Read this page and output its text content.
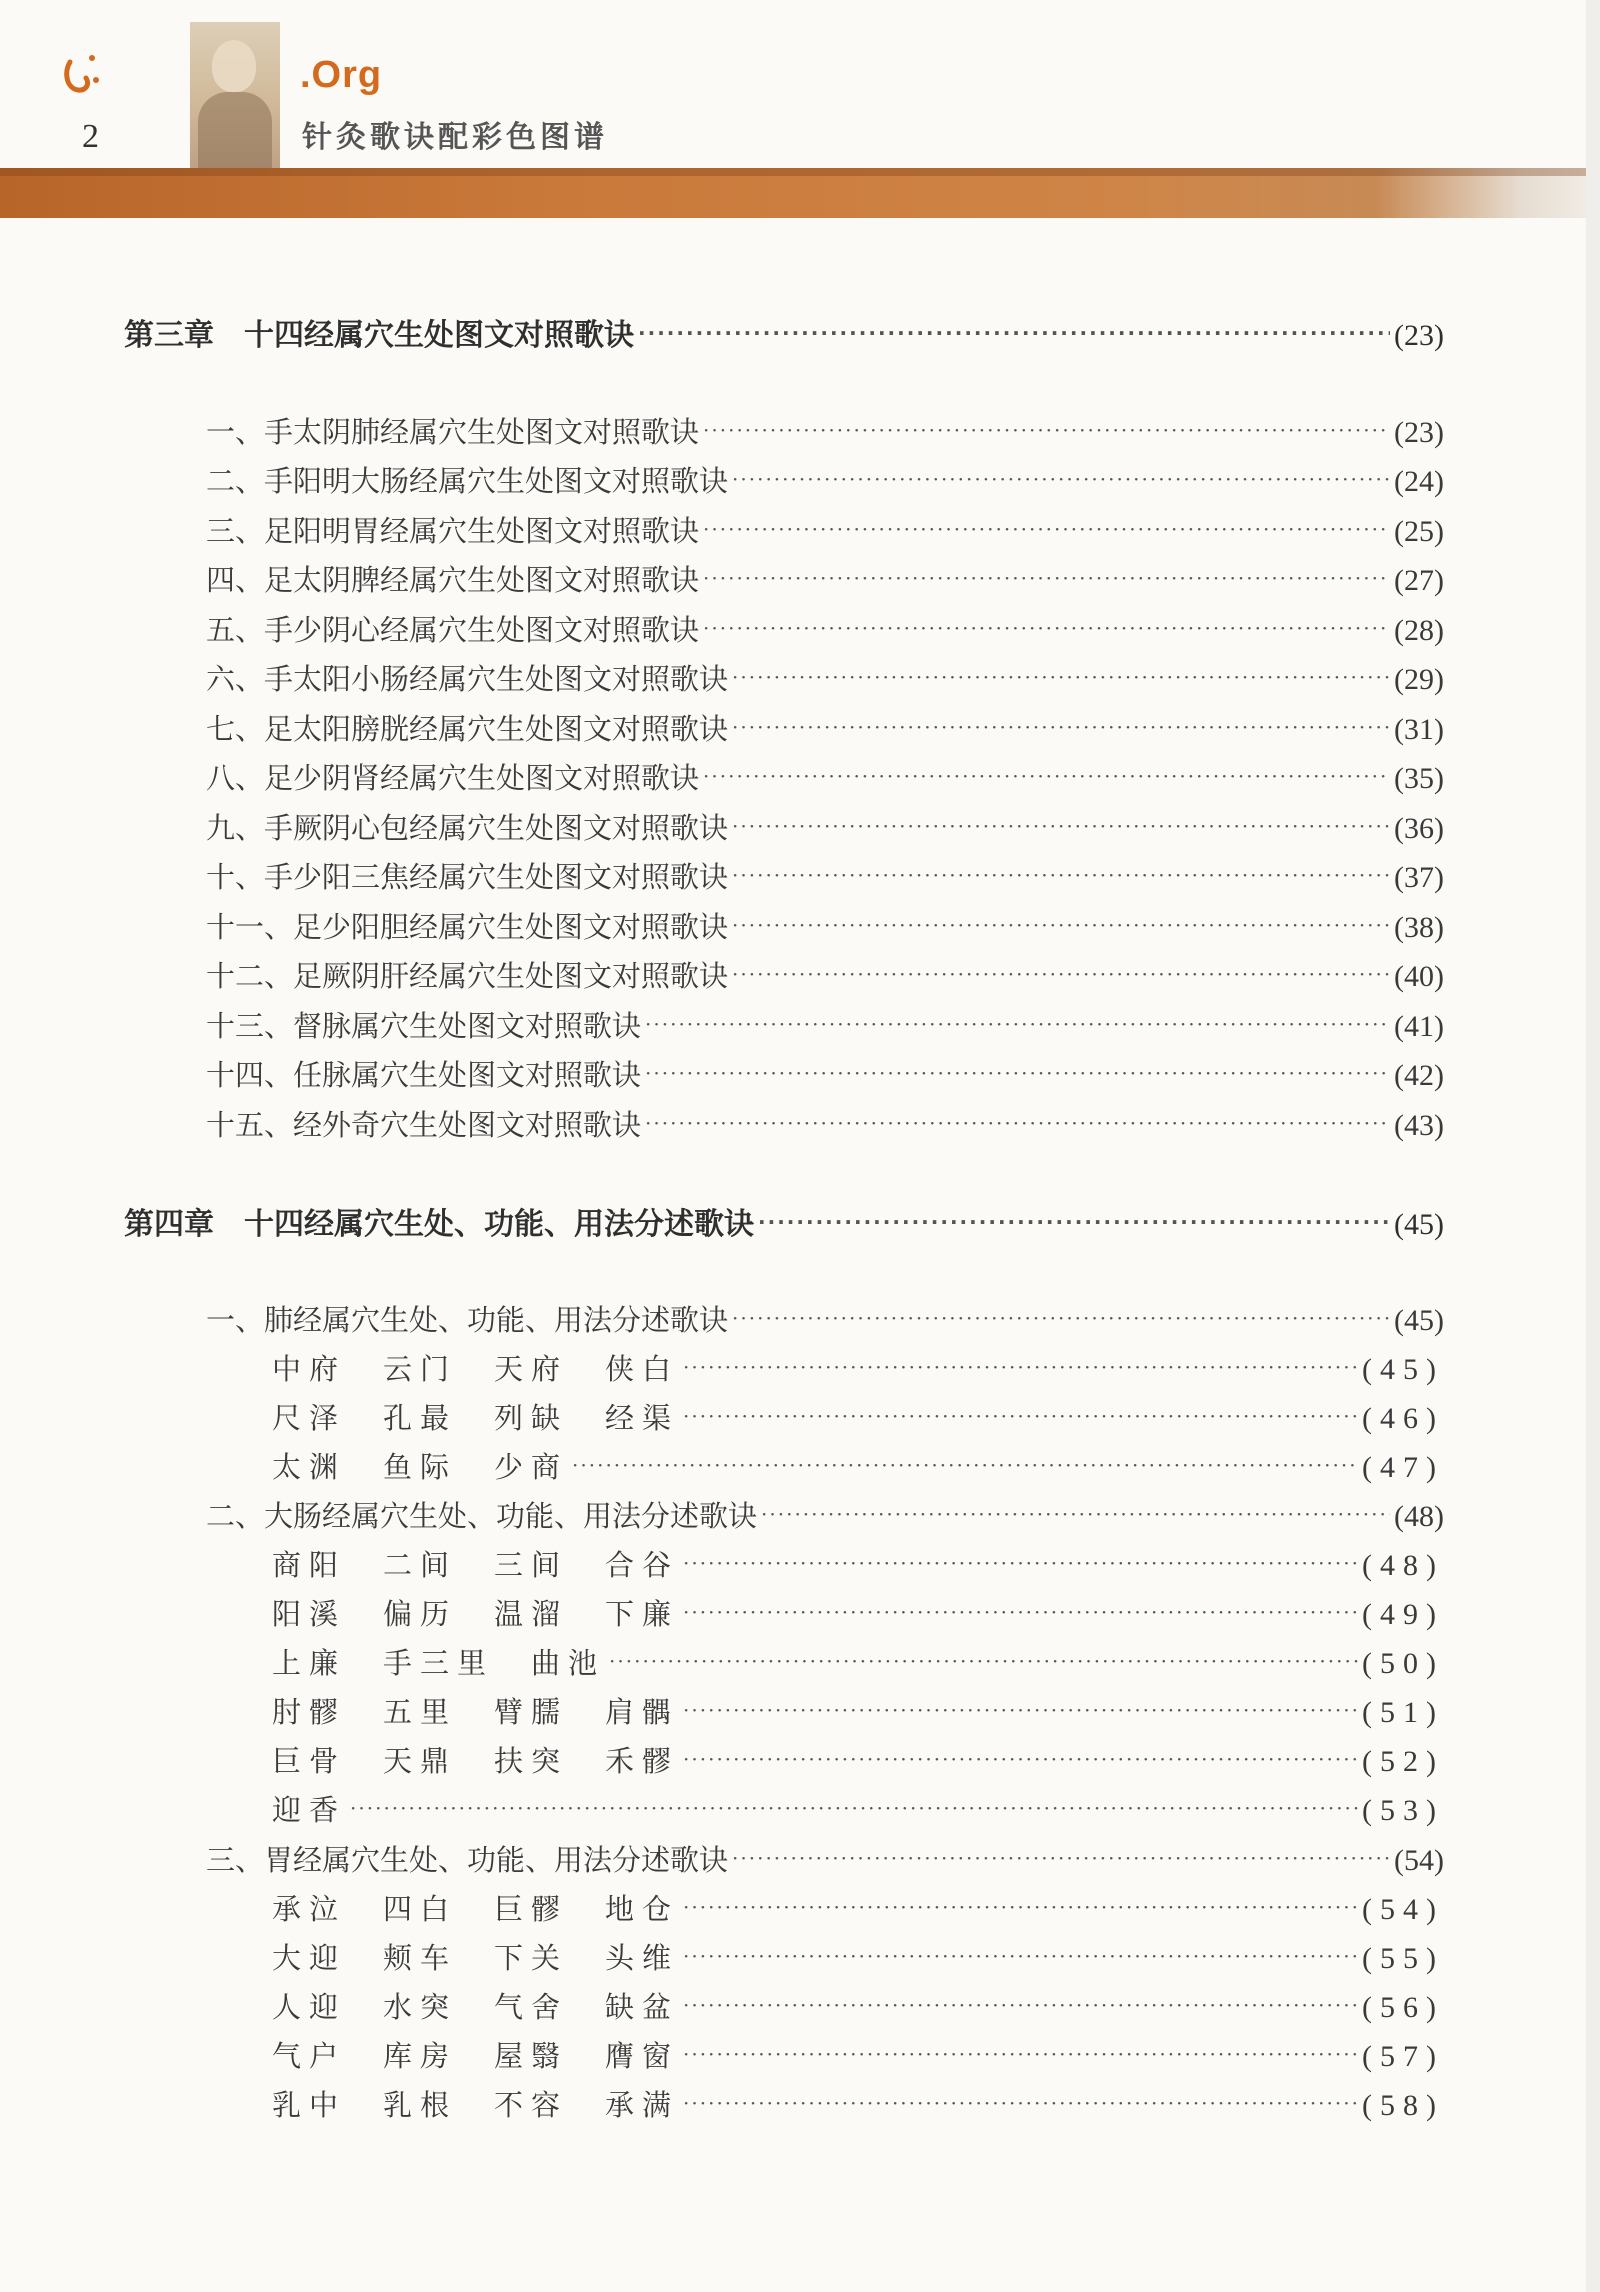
.Org
2	针灸歌诀配彩色图谱
第三章　十四经属穴生处图文对照歌诀 ·····	(23)
一、手太阴肺经属穴生处图文对照歌诀 ·····	(23)
二、手阳明大肠经属穴生处图文对照歌诀 ·····	(24)
三、足阳明胃经属穴生处图文对照歌诀 ·····	(25)
四、足太阴脾经属穴生处图文对照歌诀 ·····	(27)
五、手少阴心经属穴生处图文对照歌诀 ·····	(28)
六、手太阳小肠经属穴生处图文对照歌诀 ·····	(29)
七、足太阳膀胱经属穴生处图文对照歌诀 ·····	(31)
八、足少阴肾经属穴生处图文对照歌诀 ·····	(35)
九、手厥阴心包经属穴生处图文对照歌诀 ·····	(36)
十、手少阳三焦经属穴生处图文对照歌诀 ·····	(37)
十一、足少阳胆经属穴生处图文对照歌诀 ·····	(38)
十二、足厥阴肝经属穴生处图文对照歌诀 ·····	(40)
十三、督脉属穴生处图文对照歌诀 ·····	(41)
十四、任脉属穴生处图文对照歌诀 ·····	(42)
十五、经外奇穴生处图文对照歌诀 ·····	(43)
第四章　十四经属穴生处、功能、用法分述歌诀 ·····	(45)
一、肺经属穴生处、功能、用法分述歌诀 ·····	(45)
中府　云门　天府　侠白 ·····	(45)
尺泽　孔最　列缺　经渠 ·····	(46)
太渊　鱼际　少商 ·····	(47)
二、大肠经属穴生处、功能、用法分述歌诀 ·····	(48)
商阳　二间　三间　合谷 ·····	(48)
阳溪　偏历　温溜　下廉 ·····	(49)
上廉　手三里　曲池 ·····	(50)
肘髎　五里　臂臑　肩髃 ·····	(51)
巨骨　天鼎　扶突　禾髎 ·····	(52)
迎香 ·····	(53)
三、胃经属穴生处、功能、用法分述歌诀 ·····	(54)
承泣　四白　巨髎　地仓 ·····	(54)
大迎　颊车　下关　头维 ·····	(55)
人迎　水突　气舍　缺盆 ·····	(56)
气户　库房　屋翳　膺窗 ·····	(57)
乳中　乳根　不容　承满 ·····	(58)
